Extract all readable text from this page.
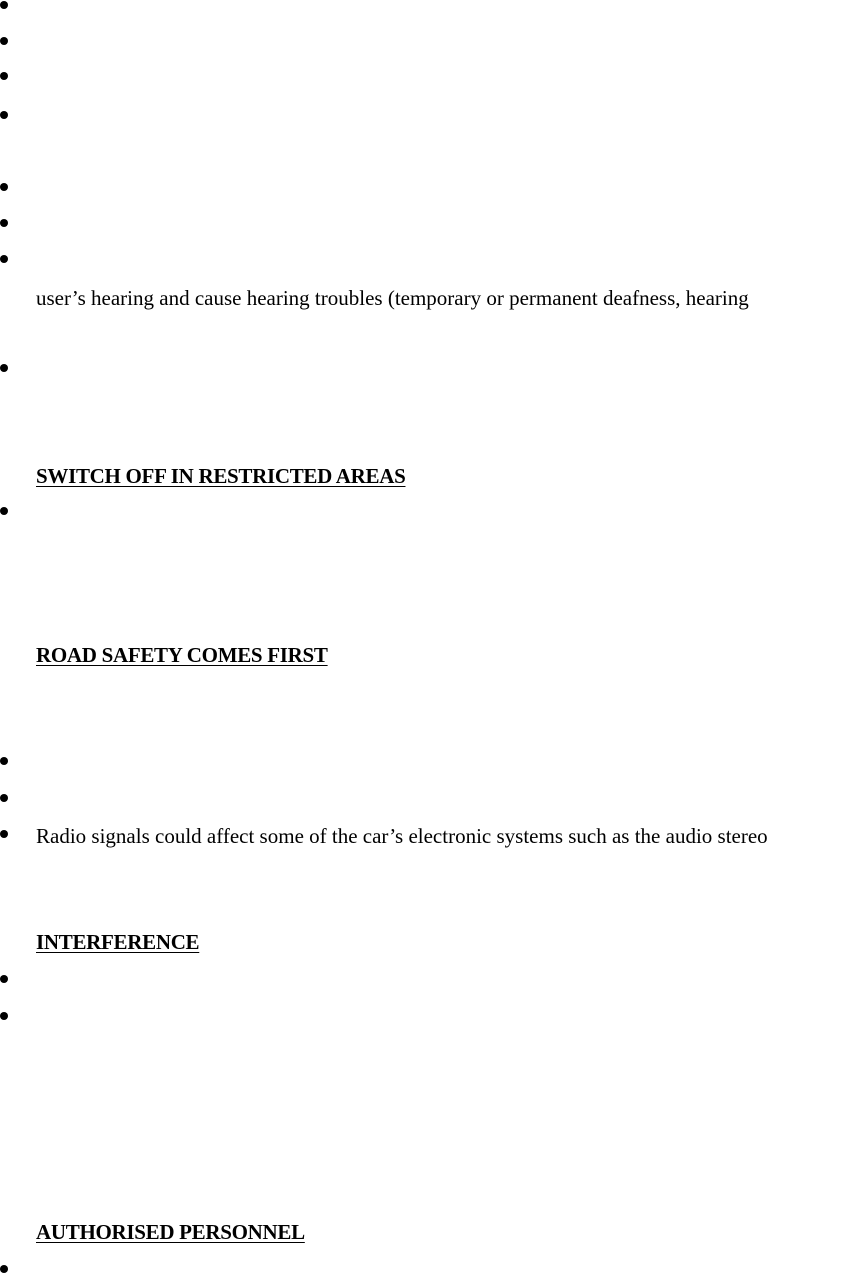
user’s hearing and cause hearing troubles (temporary or permanent deafness, hearing
SWITCH OFF IN RESTRICTED AREAS
ROAD SAFETY COMES FIRST
Radio signals could affect some of the car’s electronic systems such as the audio stereo
INTERFERENCE
AUTHORISED PERSONNEL
